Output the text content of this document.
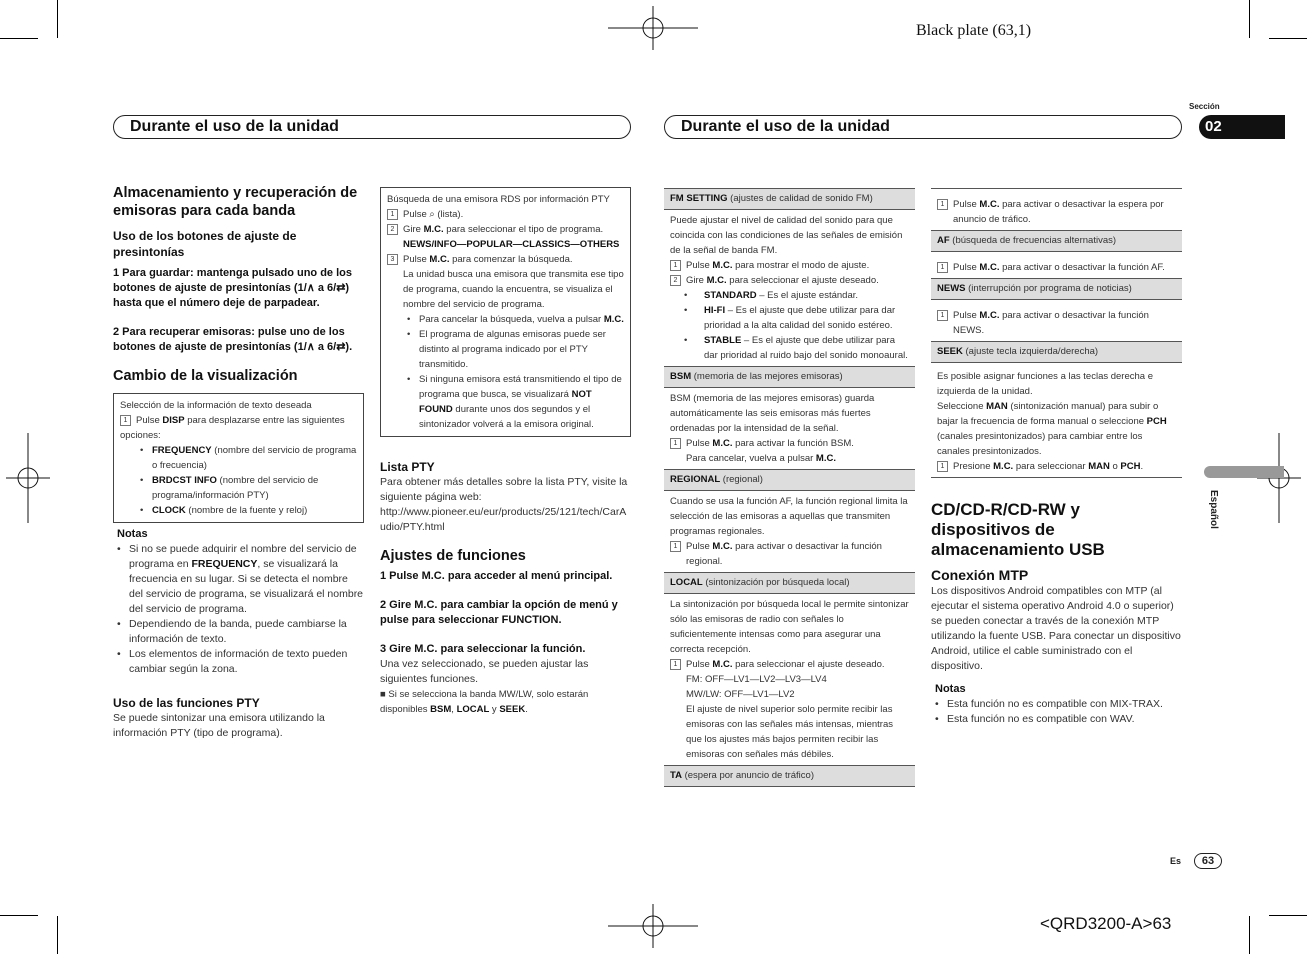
Black plate (63,1)
<QRD3200-A>63
Durante el uso de la unidad	Durante el uso de la unidad
Sección
02
Español
Es	63
Almacenamiento y recuperación de emisoras para cada banda
Uso de los botones de ajuste de presintonías
1 Para guardar: mantenga pulsado uno de los botones de ajuste de presintonías (1/∧ a 6/⇄) hasta que el número deje de parpadear.
2 Para recuperar emisoras: pulse uno de los botones de ajuste de presintonías (1/∧ a 6/⇄).
Cambio de la visualización
Selección de la información de texto deseada
1 Pulse DISP para desplazarse entre las siguientes opciones:
• FREQUENCY (nombre del servicio de programa o frecuencia)
• BRDCST INFO (nombre del servicio de programa/información PTY)
• CLOCK (nombre de la fuente y reloj)
Notas
• Si no se puede adquirir el nombre del servicio de programa en FREQUENCY, se visualizará la frecuencia en su lugar. Si se detecta el nombre del servicio de programa, se visualizará el nombre del servicio de programa.
• Dependiendo de la banda, puede cambiarse la información de texto.
• Los elementos de información de texto pueden cambiar según la zona.
Uso de las funciones PTY
Se puede sintonizar una emisora utilizando la información PTY (tipo de programa).
Búsqueda de una emisora RDS por información PTY
1 Pulse ⌕ (lista).
2 Gire M.C. para seleccionar el tipo de programa.
NEWS/INFO—POPULAR—CLASSICS—OTHERS
3 Pulse M.C. para comenzar la búsqueda.
La unidad busca una emisora que transmita ese tipo de programa, cuando la encuentra, se visualiza el nombre del servicio de programa.
• Para cancelar la búsqueda, vuelva a pulsar M.C.
• El programa de algunas emisoras puede ser distinto al programa indicado por el PTY transmitido.
• Si ninguna emisora está transmitiendo el tipo de programa que busca, se visualizará NOT FOUND durante unos dos segundos y el sintonizador volverá a la emisora original.
Lista PTY
Para obtener más detalles sobre la lista PTY, visite la siguiente página web:
http://www.pioneer.eu/eur/products/25/121/tech/CarAudio/PTY.html
Ajustes de funciones
1 Pulse M.C. para acceder al menú principal.
2 Gire M.C. para cambiar la opción de menú y pulse para seleccionar FUNCTION.
3 Gire M.C. para seleccionar la función.
Una vez seleccionado, se pueden ajustar las siguientes funciones.
■ Si se selecciona la banda MW/LW, solo estarán disponibles BSM, LOCAL y SEEK.
FM SETTING (ajustes de calidad de sonido FM)
Puede ajustar el nivel de calidad del sonido para que coincida con las condiciones de las señales de emisión de la señal de banda FM.
1 Pulse M.C. para mostrar el modo de ajuste.
2 Gire M.C. para seleccionar el ajuste deseado.
• STANDARD – Es el ajuste estándar.
• HI-FI – Es el ajuste que debe utilizar para dar prioridad a la alta calidad del sonido estéreo.
• STABLE – Es el ajuste que debe utilizar para dar prioridad al ruido bajo del sonido monoaural.
BSM (memoria de las mejores emisoras)
BSM (memoria de las mejores emisoras) guarda automáticamente las seis emisoras más fuertes ordenadas por la intensidad de la señal.
1 Pulse M.C. para activar la función BSM.
Para cancelar, vuelva a pulsar M.C.
REGIONAL (regional)
Cuando se usa la función AF, la función regional limita la selección de las emisoras a aquellas que transmiten programas regionales.
1 Pulse M.C. para activar o desactivar la función regional.
LOCAL (sintonización por búsqueda local)
La sintonización por búsqueda local le permite sintonizar sólo las emisoras de radio con señales lo suficientemente intensas como para asegurar una correcta recepción.
1 Pulse M.C. para seleccionar el ajuste deseado.
FM: OFF—LV1—LV2—LV3—LV4
MW/LW: OFF—LV1—LV2
El ajuste de nivel superior solo permite recibir las emisoras con las señales más intensas, mientras que los ajustes más bajos permiten recibir las emisoras con señales más débiles.
TA (espera por anuncio de tráfico)
1 Pulse M.C. para activar o desactivar la espera por anuncio de tráfico.
AF (búsqueda de frecuencias alternativas)
1 Pulse M.C. para activar o desactivar la función AF.
NEWS (interrupción por programa de noticias)
1 Pulse M.C. para activar o desactivar la función NEWS.
SEEK (ajuste tecla izquierda/derecha)
Es posible asignar funciones a las teclas derecha e izquierda de la unidad.
Seleccione MAN (sintonización manual) para subir o bajar la frecuencia de forma manual o seleccione PCH (canales presintonizados) para cambiar entre los canales presintonizados.
1 Presione M.C. para seleccionar MAN o PCH.
CD/CD-R/CD-RW y dispositivos de almacenamiento USB
Conexión MTP
Los dispositivos Android compatibles con MTP (al ejecutar el sistema operativo Android 4.0 o superior) se pueden conectar a través de la conexión MTP utilizando la fuente USB. Para conectar un dispositivo Android, utilice el cable suministrado con el dispositivo.
Notas
• Esta función no es compatible con MIX-TRAX.
• Esta función no es compatible con WAV.
